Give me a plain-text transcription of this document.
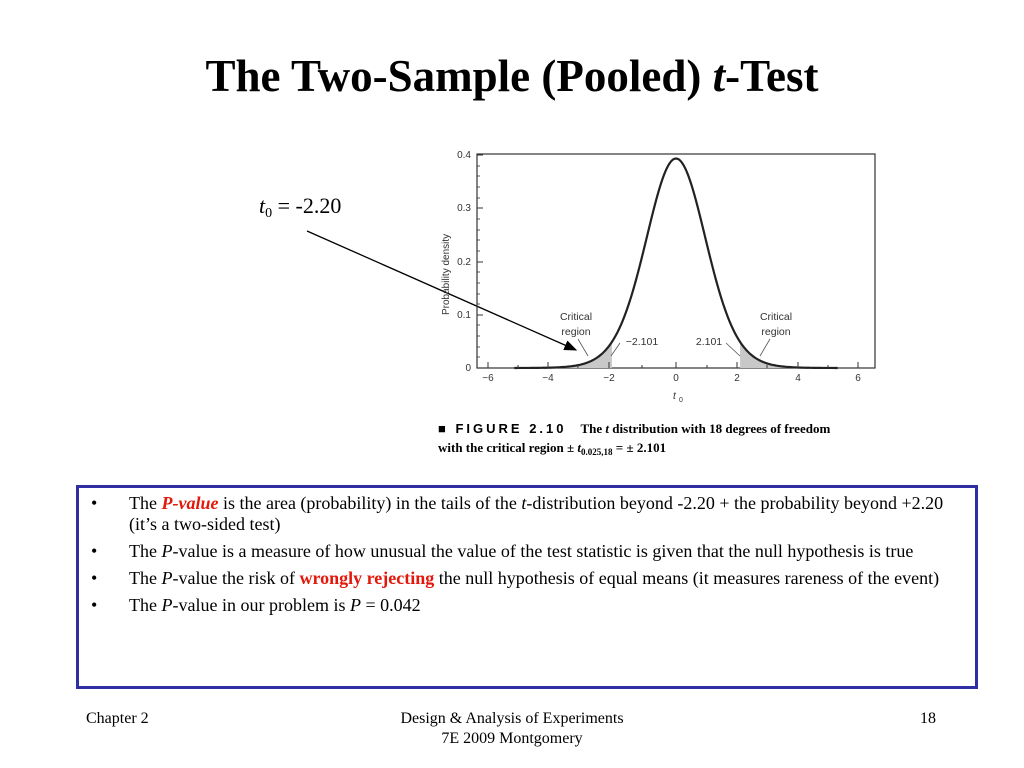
The Two-Sample (Pooled) t-Test
$t_0 = -2.20$
0
0.1
0.2
0.3
0.4
Probability density
−6	−4	−2	0	2	4	6
t 0
Critical
region
Critical
region
−2.101	2.101
■ FIGURE 2.10 The t distribution with 18 degrees of freedom
with the critical region ± $t_{0.025,18}$ = ± 2.101
• The P-value is the area (probability) in the tails of the t-distribution beyond -2.20 + the probability beyond +2.20 (it’s a two-sided test)
• The P-value is a measure of how unusual the value of the test statistic is given that the null hypothesis is true
• The P-value the risk of wrongly rejecting the null hypothesis of equal means (it measures rareness of the event)
• The P-value in our problem is P = 0.042
Chapter 2	Design & Analysis of Experiments
7E 2009 Montgomery
18
